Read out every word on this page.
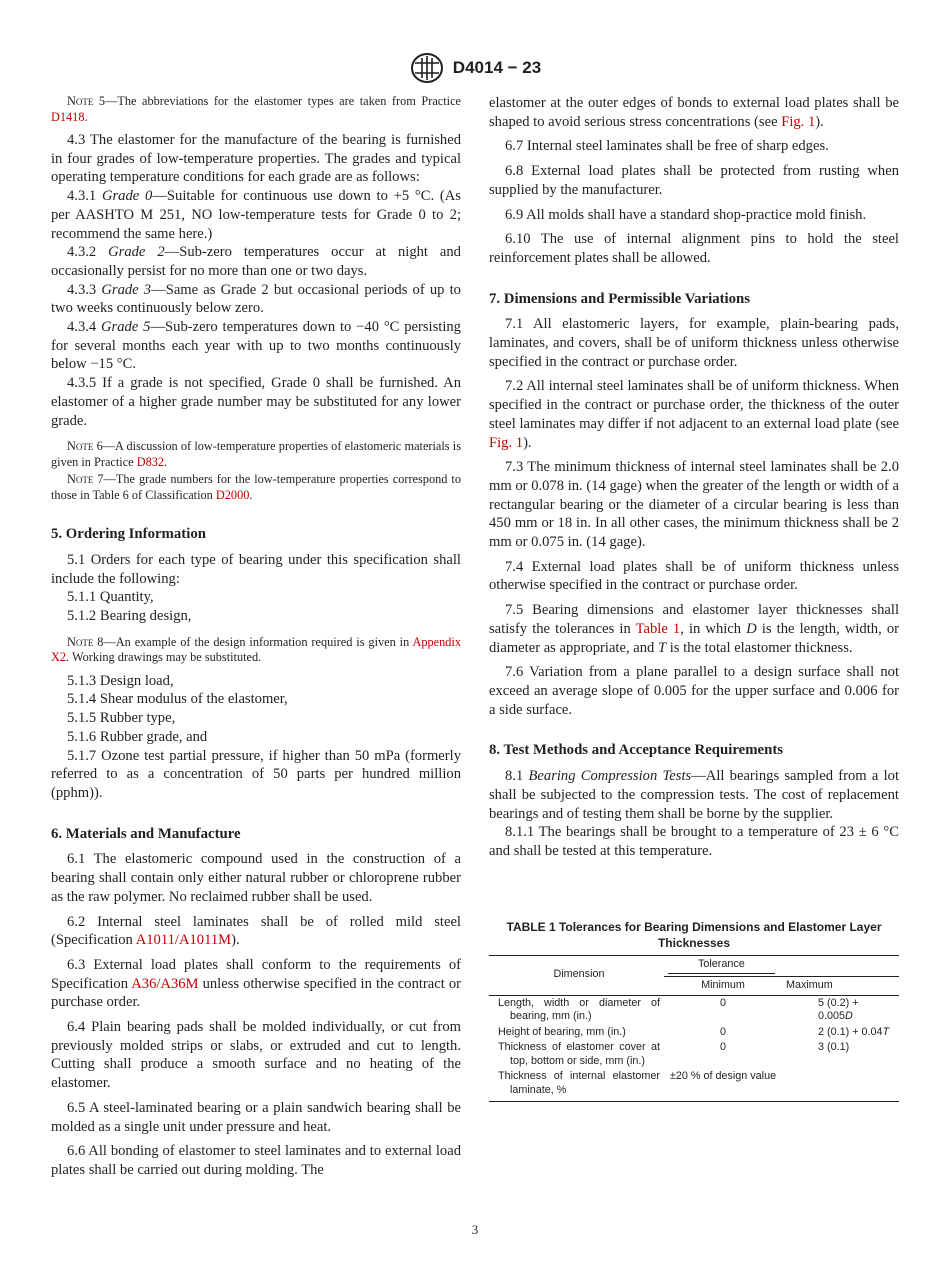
D4014 − 23

Note 5—The abbreviations for the elastomer types are taken from Practice D1418.

4.3 The elastomer for the manufacture of the bearing is furnished in four grades of low-temperature properties. The grades and typical operating temperature conditions for each grade are as follows:

4.3.1 Grade 0—Suitable for continuous use down to +5 °C. (As per AASHTO M 251, NO low-temperature tests for Grade 0 to 2; recommend the same here.)

4.3.2 Grade 2—Sub-zero temperatures occur at night and occasionally persist for no more than one or two days.

4.3.3 Grade 3—Same as Grade 2 but occasional periods of up to two weeks continuously below zero.

4.3.4 Grade 5—Sub-zero temperatures down to −40 °C persisting for several months each year with up to two months continuously below −15 °C.

4.3.5 If a grade is not specified, Grade 0 shall be furnished. An elastomer of a higher grade number may be substituted for any lower grade.

Note 6—A discussion of low-temperature properties of elastomeric materials is given in Practice D832.

Note 7—The grade numbers for the low-temperature properties correspond to those in Table 6 of Classification D2000.

5. Ordering Information

5.1 Orders for each type of bearing under this specification shall include the following:

5.1.1 Quantity,

5.1.2 Bearing design,

Note 8—An example of the design information required is given in Appendix X2. Working drawings may be substituted.

5.1.3 Design load,

5.1.4 Shear modulus of the elastomer,

5.1.5 Rubber type,

5.1.6 Rubber grade, and

5.1.7 Ozone test partial pressure, if higher than 50 mPa (formerly referred to as a concentration of 50 parts per hundred million (pphm)).

6. Materials and Manufacture

6.1 The elastomeric compound used in the construction of a bearing shall contain only either natural rubber or chloroprene rubber as the raw polymer. No reclaimed rubber shall be used.

6.2 Internal steel laminates shall be of rolled mild steel (Specification A1011/A1011M).

6.3 External load plates shall conform to the requirements of Specification A36/A36M unless otherwise specified in the contract or purchase order.

6.4 Plain bearing pads shall be molded individually, or cut from previously molded strips or slabs, or extruded and cut to length. Cutting shall produce a smooth surface and no heating of the elastomer.

6.5 A steel-laminated bearing or a plain sandwich bearing shall be molded as a single unit under pressure and heat.

6.6 All bonding of elastomer to steel laminates and to external load plates shall be carried out during molding. The

elastomer at the outer edges of bonds to external load plates shall be shaped to avoid serious stress concentrations (see Fig. 1).

6.7 Internal steel laminates shall be free of sharp edges.

6.8 External load plates shall be protected from rusting when supplied by the manufacturer.

6.9 All molds shall have a standard shop-practice mold finish.

6.10 The use of internal alignment pins to hold the steel reinforcement plates shall be allowed.

7. Dimensions and Permissible Variations

7.1 All elastomeric layers, for example, plain-bearing pads, laminates, and covers, shall be of uniform thickness unless otherwise specified in the contract or purchase order.

7.2 All internal steel laminates shall be of uniform thickness. When specified in the contract or purchase order, the thickness of the outer steel laminates may differ if not adjacent to an external load plate (see Fig. 1).

7.3 The minimum thickness of internal steel laminates shall be 2.0 mm or 0.078 in. (14 gage) when the greater of the length or width of a rectangular bearing or the diameter of a circular bearing is less than 450 mm or 18 in. In all other cases, the minimum thickness shall be 2 mm or 0.075 in. (14 gage).

7.4 External load plates shall be of uniform thickness unless otherwise specified in the contract or purchase order.

7.5 Bearing dimensions and elastomer layer thicknesses shall satisfy the tolerances in Table 1, in which D is the length, width, or diameter as appropriate, and T is the total elastomer thickness.

7.6 Variation from a plane parallel to a design surface shall not exceed an average slope of 0.005 for the upper surface and 0.006 for a side surface.

8. Test Methods and Acceptance Requirements

8.1 Bearing Compression Tests—All bearings sampled from a lot shall be subjected to the compression tests. The cost of replacement bearings and of testing them shall be borne by the supplier.

8.1.1 The bearings shall be brought to a temperature of 23 ± 6 °C and shall be tested at this temperature.

TABLE 1 Tolerances for Bearing Dimensions and Elastomer Layer Thicknesses
Dimension	Tolerance	
	Minimum	Maximum

Length, width or diameter of bearing, mm (in.)	0	5 (0.2) + 0.005D

Height of bearing, mm (in.)	0	2 (0.1) + 0.04T

Thickness of elastomer cover at top, bottom or side, mm (in.)	0	3 (0.1)

Thickness of internal elastomer laminate, %	±20 % of design value	
3
